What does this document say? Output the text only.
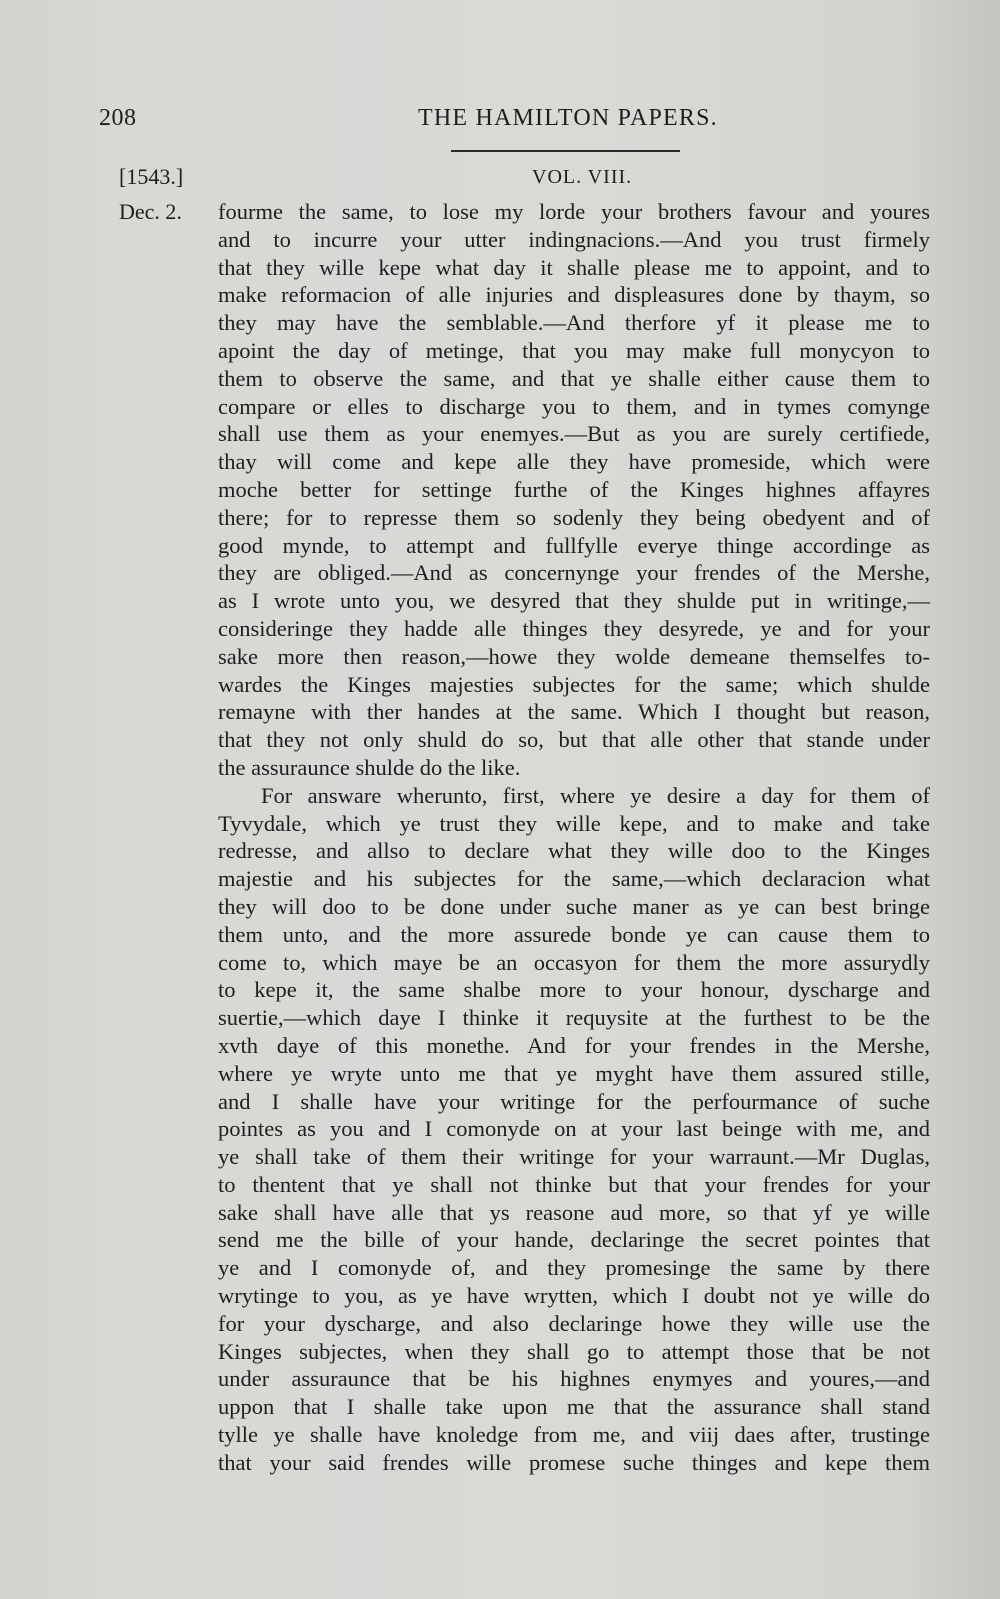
208	THE HAMILTON PAPERS.
[1543.]	VOL. VIII.
Dec. 2. fourme the same, to lose my lorde your brothers favour and youres
and to incurre your utter indingnacions.—And you trust firmely
that they wille kepe what day it shalle please me to appoint, and to
make reformacion of alle injuries and displeasures done by thaym, so
they may have the semblable.—And therfore yf it please me to
apoint the day of metinge, that you may make full monycyon to
them to observe the same, and that ye shalle either cause them to
compare or elles to discharge you to them, and in tymes comynge
shall use them as your enemyes.—But as you are surely certifiede,
thay will come and kepe alle they have promeside, which were
moche better for settinge furthe of the Kinges highnes affayres
there; for to represse them so sodenly they being obedyent and of
good mynde, to attempt and fullfylle everye thinge accordinge as
they are obliged.—And as concernynge your frendes of the Mershe,
as I wrote unto you, we desyred that they shulde put in writinge,—
consideringe they hadde alle thinges they desyrede, ye and for your
sake more then reason,—howe they wolde demeane themselfes to-
wardes the Kinges majesties subjectes for the same; which shulde
remayne with ther handes at the same. Which I thought but reason,
that they not only shuld do so, but that alle other that stande under
the assuraunce shulde do the like.
For answare wherunto, first, where ye desire a day for them of
Tyvydale, which ye trust they wille kepe, and to make and take
redresse, and allso to declare what they wille doo to the Kinges
majestie and his subjectes for the same,—which declaracion what
they will doo to be done under suche maner as ye can best bringe
them unto, and the more assurede bonde ye can cause them to
come to, which maye be an occasyon for them the more assurydly
to kepe it, the same shalbe more to your honour, dyscharge and
suertie,—which daye I thinke it requysite at the furthest to be the
xvth daye of this monethe. And for your frendes in the Mershe,
where ye wryte unto me that ye myght have them assured stille,
and I shalle have your writinge for the perfourmance of suche
pointes as you and I comonyde on at your last beinge with me, and
ye shall take of them their writinge for your warraunt.—Mr Duglas,
to thentent that ye shall not thinke but that your frendes for your
sake shall have alle that ys reasone aud more, so that yf ye wille
send me the bille of your hande, declaringe the secret pointes that
ye and I comonyde of, and they promesinge the same by there
wrytinge to you, as ye have wrytten, which I doubt not ye wille do
for your dyscharge, and also declaringe howe they wille use the
Kinges subjectes, when they shall go to attempt those that be not
under assuraunce that be his highnes enymyes and youres,—and
uppon that I shalle take upon me that the assurance shall stand
tylle ye shalle have knoledge from me, and viij daes after, trustinge
that your said frendes wille promese suche thinges and kepe them
